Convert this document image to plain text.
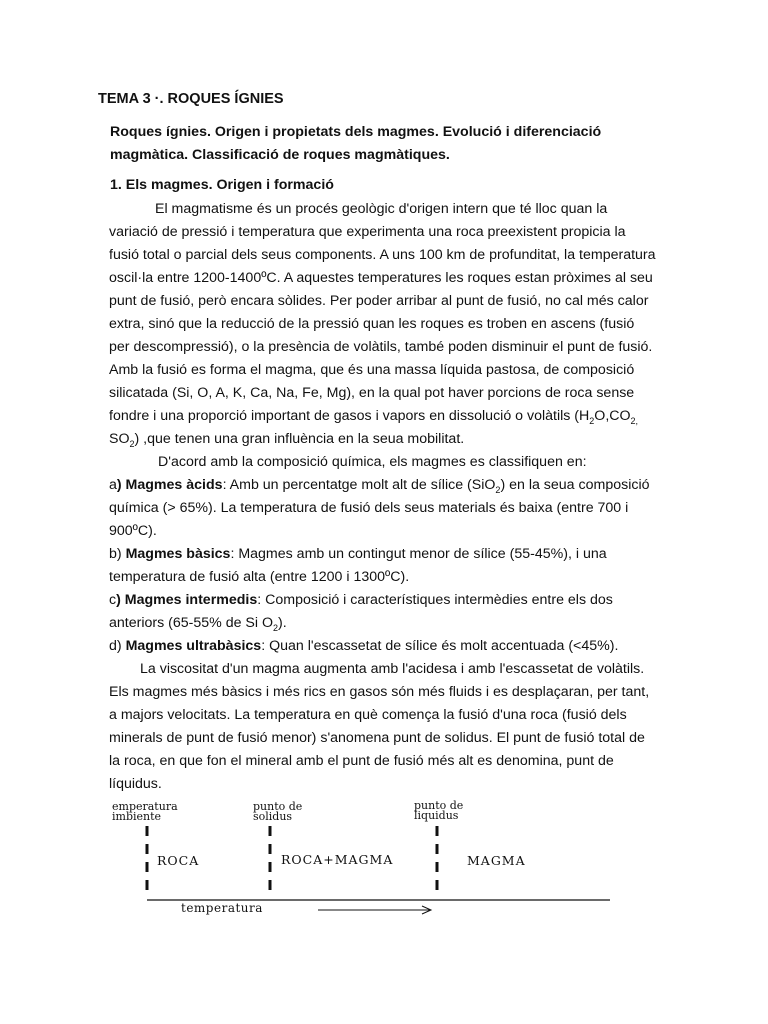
TEMA 3 ·. ROQUES ÍGNIES
Roques ígnies. Origen i propietats dels magmes. Evolució i diferenciació
magmàtica. Classificació de roques magmàtiques.
1. Els magmes. Origen i formació
El magmatisme és un procés geològic d'origen intern que té lloc quan la
variació de pressió i temperatura que experimenta una roca preexistent propicia la
fusió total o parcial dels seus components. A uns 100 km de profunditat, la temperatura
oscil·la entre 1200-1400ºC. A aquestes temperatures les roques estan pròximes al seu
punt de fusió, però encara sòlides. Per poder arribar al punt de fusió, no cal més calor
extra, sinó que la reducció de la pressió quan les roques es troben en ascens (fusió
per descompressió), o la presència de volàtils, també poden disminuir el punt de fusió.
Amb la fusió es forma el magma, que és una massa líquida pastosa, de composició
silicatada (Si, O, A, K, Ca, Na, Fe, Mg), en la qual pot haver porcions de roca sense
fondre i una proporció important de gasos i vapors en dissolució o volàtils ($H_2O,CO_{2,}$
$SO_2$) ,que tenen una gran influència en la seua mobilitat.
D'acord amb la composició química, els magmes es classifiquen en:
a) Magmes àcids: Amb un percentatge molt alt de sílice (SiO$_2$) en la seua composició
química (> 65%). La temperatura de fusió dels seus materials és baixa (entre 700 i
900ºC).
b) Magmes bàsics: Magmes amb un contingut menor de sílice (55-45%), i una
temperatura de fusió alta (entre 1200 i 1300ºC).
c) Magmes intermedis: Composició i característiques intermèdies entre els dos
anteriors (65-55% de Si $O_2$).
d) Magmes ultrabàsics: Quan l'escassetat de sílice és molt accentuada (<45%).
La viscositat d'un magma augmenta amb l'acidesa i amb l'escassetat de volàtils.
Els magmes més bàsics i més rics en gasos són més fluids i es desplaçaran, per tant,
a majors velocitats. La temperatura en què comença la fusió d'una roca (fusió dels
minerals de punt de fusió menor) s'anomena punt de solidus. El punt de fusió total de
la roca, en que fon el mineral amb el punt de fusió més alt es denomina, punt de
líquidus.
emperatura
imbiente
punto de
solidus
punto de
liquidus
ROCA	ROCA+MAGMA	MAGMA
temperatura
